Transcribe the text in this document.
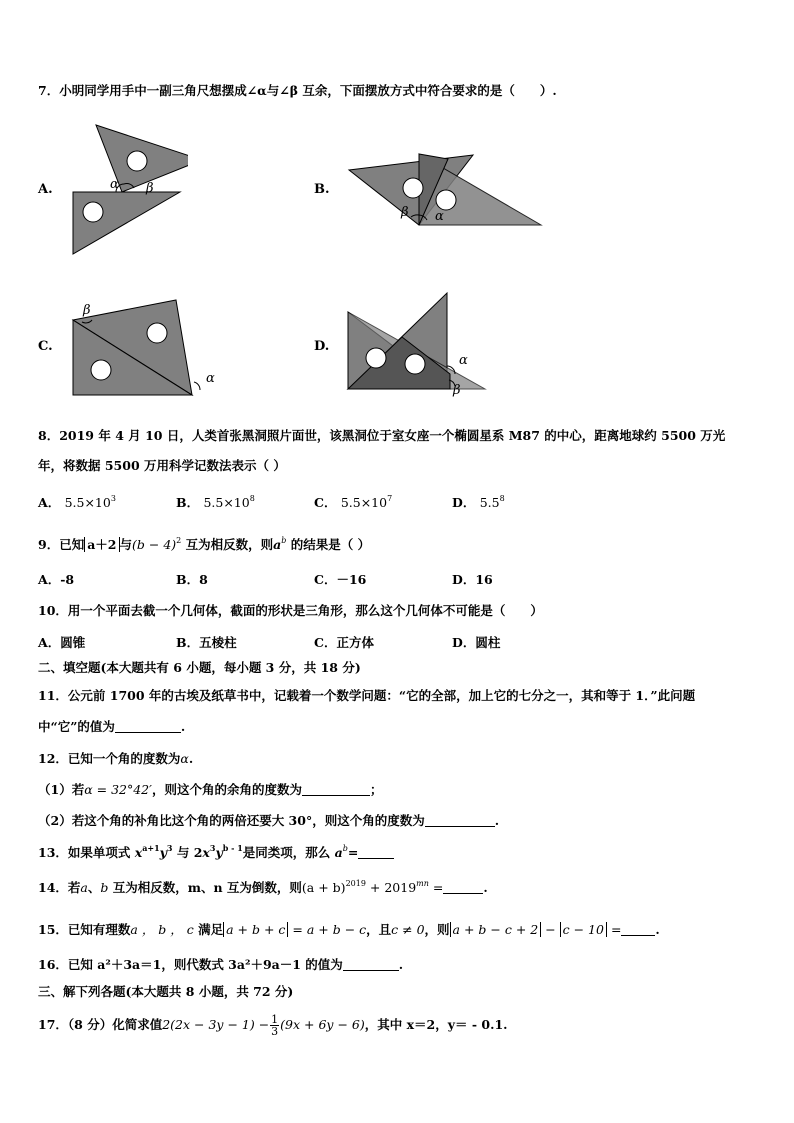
7．小明同学用手中一副三角尺想摆成∠α与∠β 互余，下面摆放方式中符合要求的是（　　）.
A.	α β	B.
β α
C.
β
α
D.
α
β
8．2019 年 4 月 10 日，人类首张黑洞照片面世，该黑洞位于室女座一个椭圆星系 M87 的中心，距离地球约 5500 万光
年，将数据 5500 万用科学记数法表示（ ）
A． $5.5\times 10^3$	B． $5.5\times 10^8$	C． $5.5\times 10^7$	D． $5.5^8$
9．已知 a＋2 与$(b - 4)^2$ 互为相反数，则$a^b$ 的结果是（ ）
A．-8	B．8	C．－16	D．16
10．用一个平面去截一个几何体，截面的形状是三角形，那么这个几何体不可能是（　　）
A．圆锥	B．五棱柱	C．正方体	D．圆柱
二、填空题(本大题共有 6 小题，每小题 3 分，共 18 分)
11．公元前 1700 年的古埃及纸草书中，记载着一个数学问题：“它的全部，加上它的七分之一，其和等于 1．”此问题
中“它”的值为	.
12．已知一个角的度数为α.
（1）若α = 32°42′，则这个角的余角的度数为	；
（2）若这个角的补角比这个角的两倍还要大 30°，则这个角的度数为	.
13．如果单项式 $x^{a+1}y^3$ 与 $2x^3y^{b - 1}$是同类项，那么 $a^b=$
14．若a、b 互为相反数，m、n 互为倒数，则$(a + b)^{2019} + 2019^{mn}$ =	.
15．已知有理数a ， b ， c 满足 a + b + c = a + b − c，且c ≠ 0，则 a + b − c + 2 − c − 10 =	.
16．已知 a²＋3a＝1，则代数式 3a²＋9a－1 的值为	.
三、解下列各题(本大题共 8 小题，共 72 分)
17．（8 分）化简求值$2(2x - 3y - 1) - \frac{1}{3} (9x + 6y - 6)$，其中 x＝2，y＝ - 0.1.
